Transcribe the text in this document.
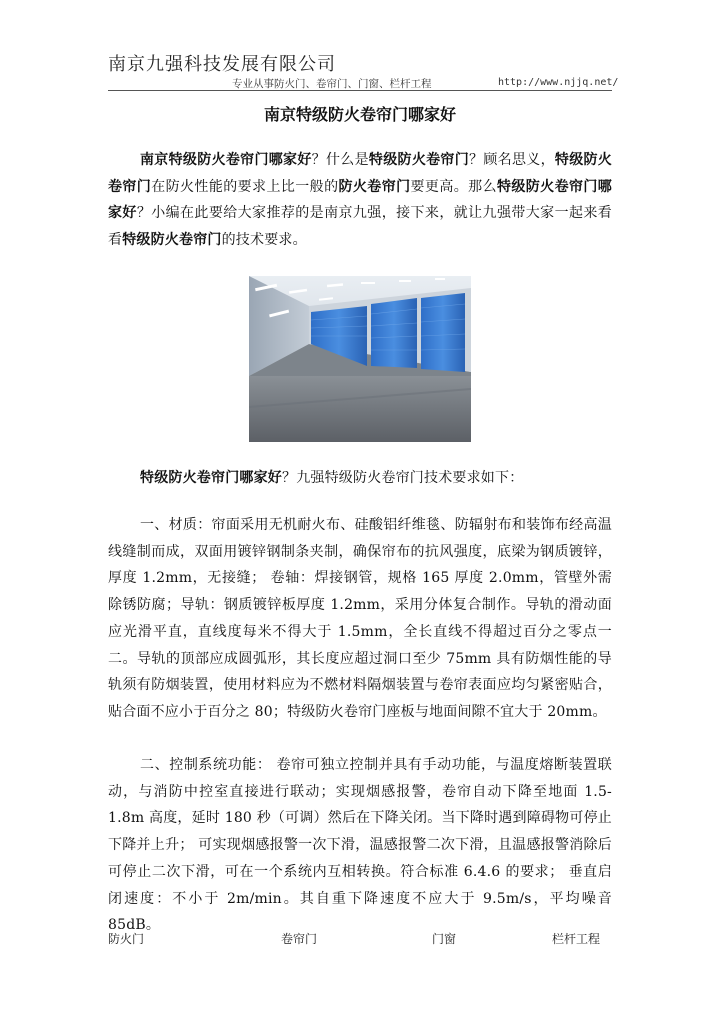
南京九强科技发展有限公司
专业从事防火门、卷帘门、门窗、栏杆工程	http://www.njjq.net/
南京特级防火卷帘门哪家好

南京特级防火卷帘门哪家好？什么是特级防火卷帘门？顾名思义，特级防火卷帘门在防火性能的要求上比一般的防火卷帘门要更高。那么特级防火卷帘门哪家好？小编在此要给大家推荐的是南京九强，接下来，就让九强带大家一起来看看特级防火卷帘门的技术要求。

特级防火卷帘门哪家好？九强特级防火卷帘门技术要求如下：

一、材质：帘面采用无机耐火布、硅酸铝纤维毯、防辐射布和装饰布经高温线缝制而成，双面用镀锌钢制条夹制，确保帘布的抗风强度，底梁为钢质镀锌，厚度 1.2mm，无接缝； 卷轴：焊接钢管，规格 165 厚度 2.0mm，管壁外需除锈防腐；导轨：钢质镀锌板厚度 1.2mm，采用分体复合制作。导轨的滑动面应光滑平直，直线度每米不得大于 1.5mm，全长直线不得超过百分之零点一二。导轨的顶部应成圆弧形，其长度应超过洞口至少 75mm 具有防烟性能的导轨须有防烟装置，使用材料应为不燃材料隔烟装置与卷帘表面应均匀紧密贴合，贴合面不应小于百分之 80；特级防火卷帘门座板与地面间隙不宜大于 20mm。

二、控制系统功能： 卷帘可独立控制并具有手动功能，与温度熔断装置联动，与消防中控室直接进行联动；实现烟感报警，卷帘自动下降至地面 1.5-1.8m 高度，延时 180 秒（可调）然后在下降关闭。当下降时遇到障碍物可停止下降并上升； 可实现烟感报警一次下滑，温感报警二次下滑，且温感报警消除后可停止二次下滑，可在一个系统内互相转换。符合标准 6.4.6 的要求； 垂直启闭速度：不小于 2m/min。其自重下降速度不应大于 9.5m/s，平均噪音 85dB。

防火门	卷帘门	门窗	栏杆工程
